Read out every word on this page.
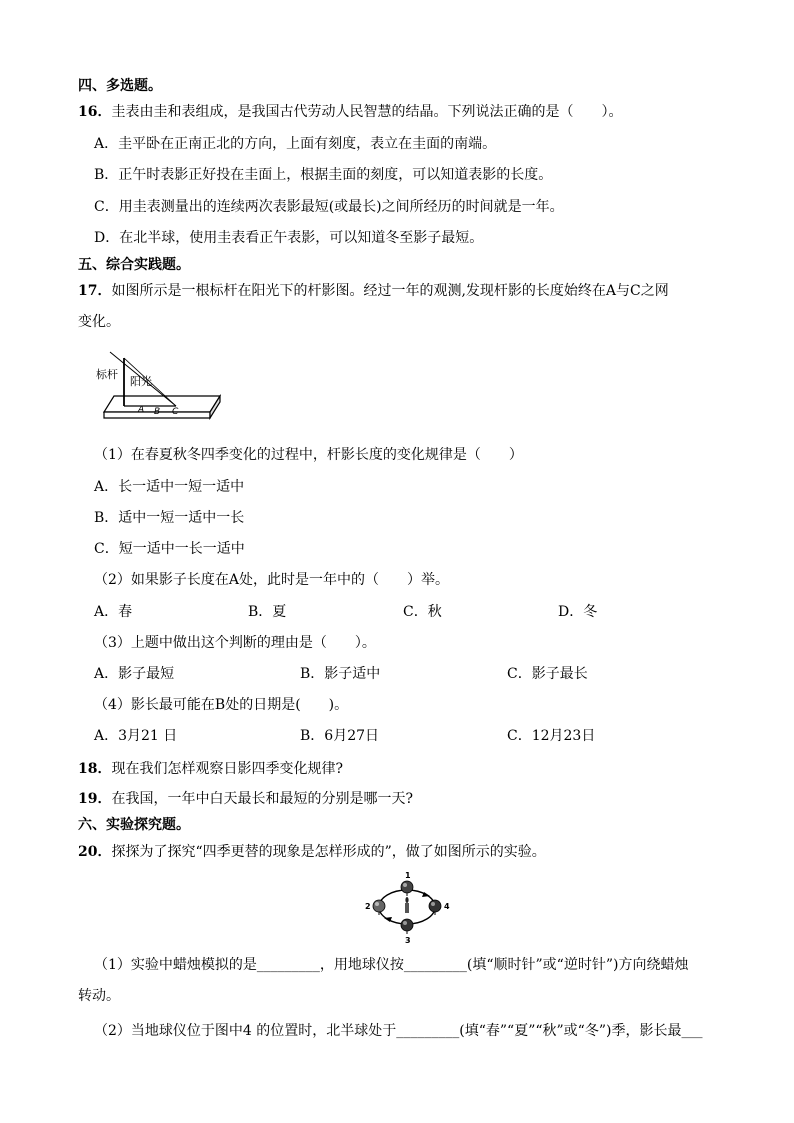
四、多选题。
16．圭表由圭和表组成，是我国古代劳动人民智慧的结晶。下列说法正确的是（　　）。
A．圭平卧在正南正北的方向，上面有刻度，表立在圭面的南端。
B．正午时表影正好投在圭面上，根据圭面的刻度，可以知道表影的长度。
C．用圭表测量出的连续两次表影最短(或最长)之间所经历的时间就是一年。
D．在北半球，使用圭表看正午表影，可以知道冬至影子最短。
五、综合实践题。
17．如图所示是一根标杆在阳光下的杆影图。经过一年的观测,发现杆影的长度始终在A与C之网
变化。
标杆
阳光
A B C
（1）在春夏秋冬四季变化的过程中，杆影长度的变化规律是（　　）
A．长一适中一短一适中
B．适中一短一适中一长
C．短一适中一长一适中
（2）如果影子长度在A处，此时是一年中的（　　）举。
A．春	B．夏	C．秋	D．冬
（3）上题中做出这个判断的理由是（　　）。
A．影子最短	B．影子适中	C．影子最长
（4）影长最可能在B处的日期是(　　)。
A．3月21 日	B．6月27日	C．12月23日
18．现在我们怎样观察日影四季变化规律?
19．在我国，一年中白天最长和最短的分别是哪一天?
六、实验探究题。
20．探探为了探究“四季更替的现象是怎样形成的”，做了如图所示的实验。
1
2
3
4
（1）实验中蜡烛模拟的是_________，用地球仪按_________(填“顺时针”或“逆时针”)方向绕蜡烛
转动。
（2）当地球仪位于图中4 的位置时，北半球处于_________(填“春”“夏”“秋”或“冬”)季，影长最___
